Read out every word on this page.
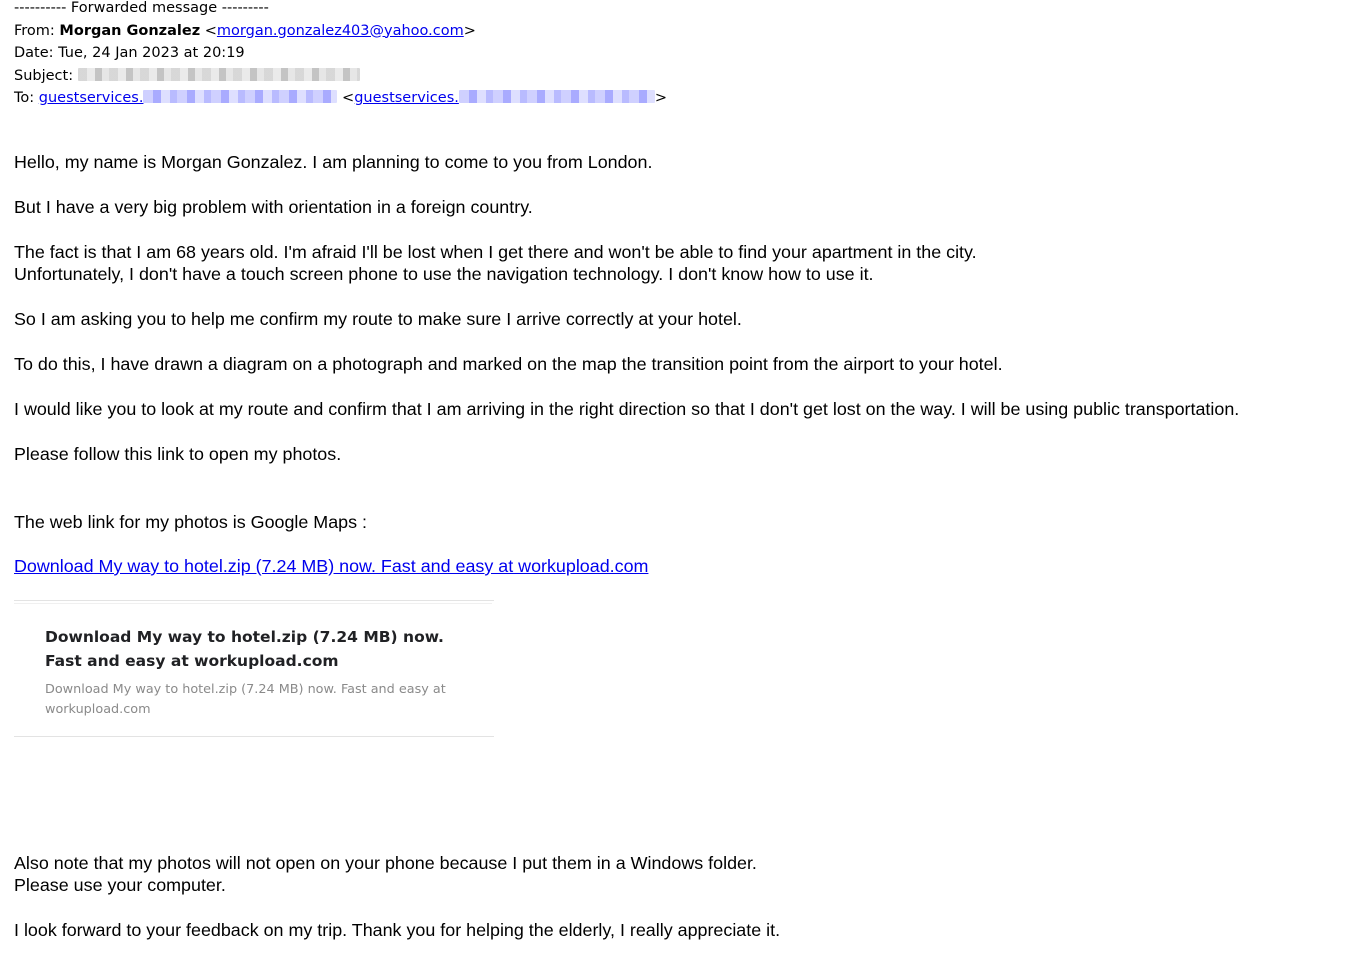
---------- Forwarded message ---------
From: Morgan Gonzalez <morgan.gonzalez403@yahoo.com>
Date: Tue, 24 Jan 2023 at 20:19
Subject:
To: guestservices.	<guestservices.	>

Hello, my name is Morgan Gonzalez. I am planning to come to you from London.

But I have a very big problem with orientation in a foreign country.

The fact is that I am 68 years old. I'm afraid I'll be lost when I get there and won't be able to find your apartment in the city.

Unfortunately, I don't have a touch screen phone to use the navigation technology. I don't know how to use it.

So I am asking you to help me confirm my route to make sure I arrive correctly at your hotel.

To do this, I have drawn a diagram on a photograph and marked on the map the transition point from the airport to your hotel.

I would like you to look at my route and confirm that I am arriving in the right direction so that I don't get lost on the way. I will be using public transportation.

Please follow this link to open my photos.

The web link for my photos is Google Maps :

Download My way to hotel.zip (7.24 MB) now. Fast and easy at workupload.com

Also note that my photos will not open on your phone because I put them in a Windows folder.

Please use your computer.

I look forward to your feedback on my trip. Thank you for helping the elderly, I really appreciate it.

Download My way to hotel.zip (7.24 MB) now. Fast and easy at workupload.com
Download My way to hotel.zip (7.24 MB) now. Fast and easy at workupload.com
